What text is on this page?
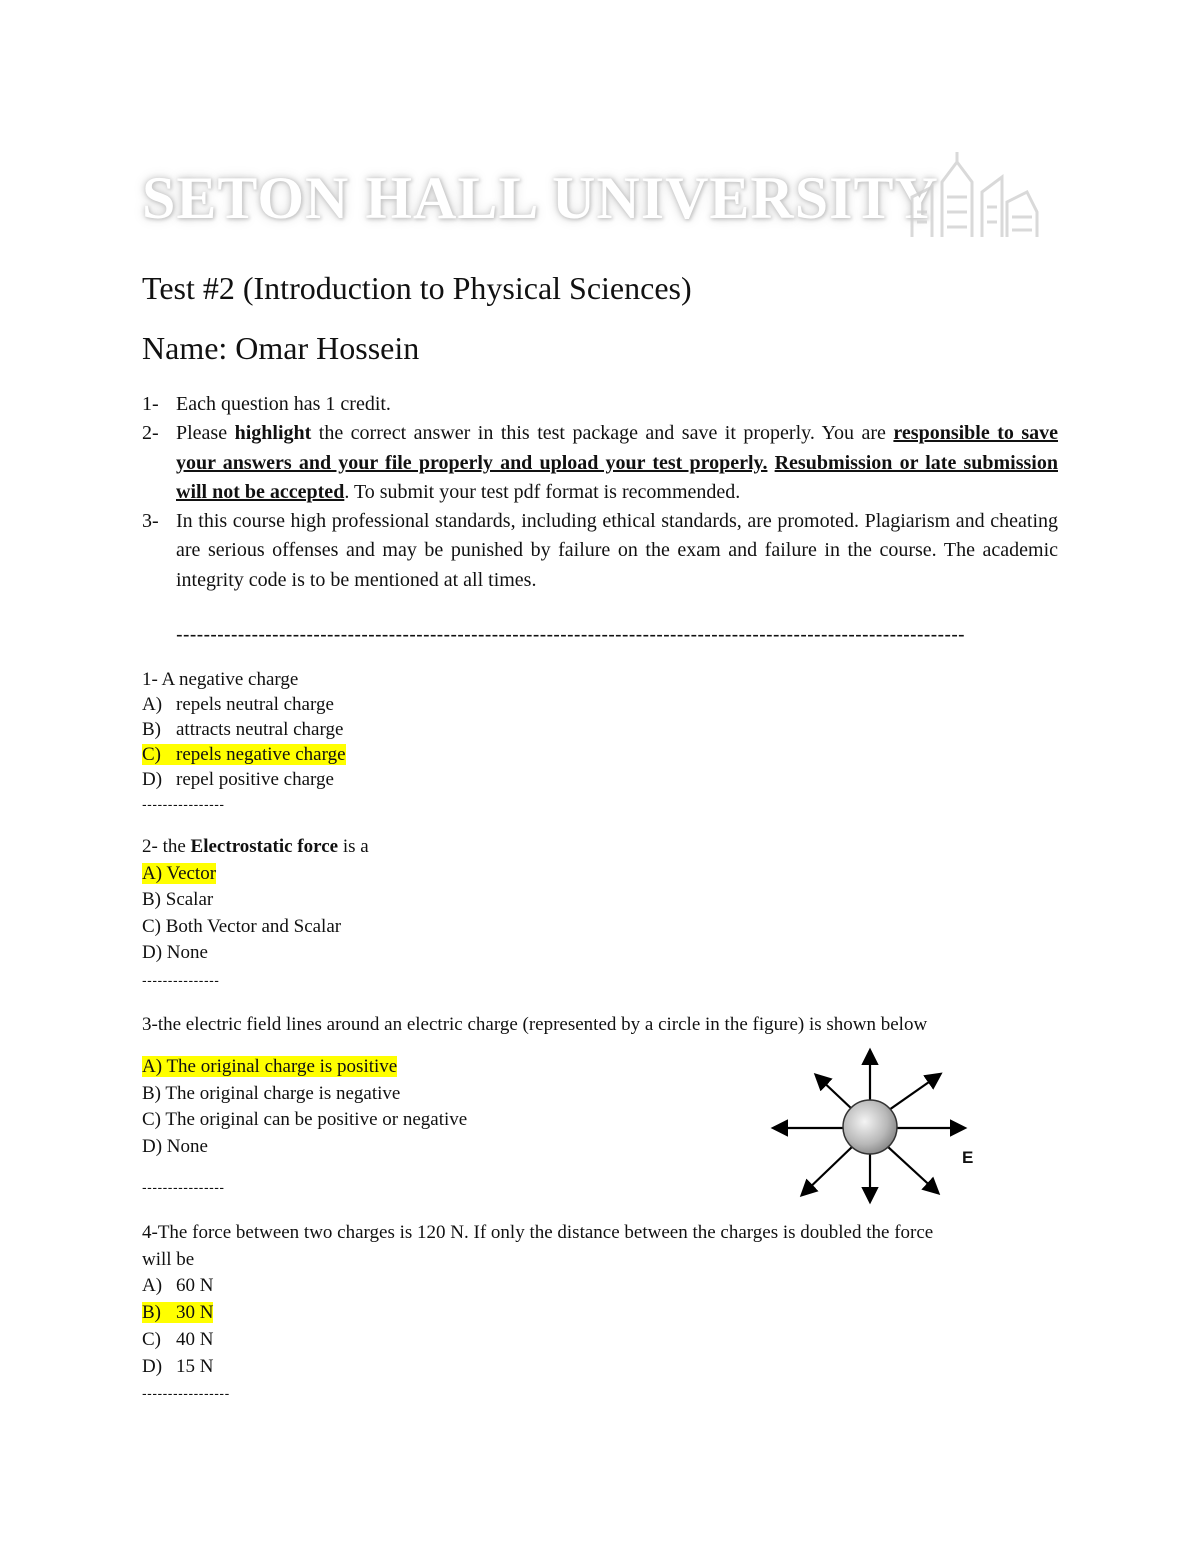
SETON HALL UNIVERSITY
Test #2 (Introduction to Physical Sciences)
Name: Omar Hossein
1- Each question has 1 credit.
2- Please highlight the correct answer in this test package and save it properly. You are responsible to save your answers and your file properly and upload your test properly. Resubmission or late submission will not be accepted. To submit your test pdf format is recommended.
3- In this course high professional standards, including ethical standards, are promoted. Plagiarism and cheating are serious offenses and may be punished by failure on the exam and failure in the course. The academic integrity code is to be mentioned at all times.
-------------------------------------------------------------------------------------------------------------------
1- A negative charge
A) repels neutral charge
B) attracts neutral charge
C) repels negative charge
D) repel positive charge
----------------
2- the Electrostatic force is a
A) Vector
B) Scalar
C) Both Vector and Scalar
D) None
---------------
3-the electric field lines around an electric charge (represented by a circle in the figure) is shown below
A) The original charge is positive
B) The original charge is negative
C) The original can be positive or negative
D) None
----------------
E
4-The force between two charges is 120 N. If only the distance between the charges is doubled the force
will be
A) 60 N
B) 30 N
C) 40 N
D) 15 N
-----------------
